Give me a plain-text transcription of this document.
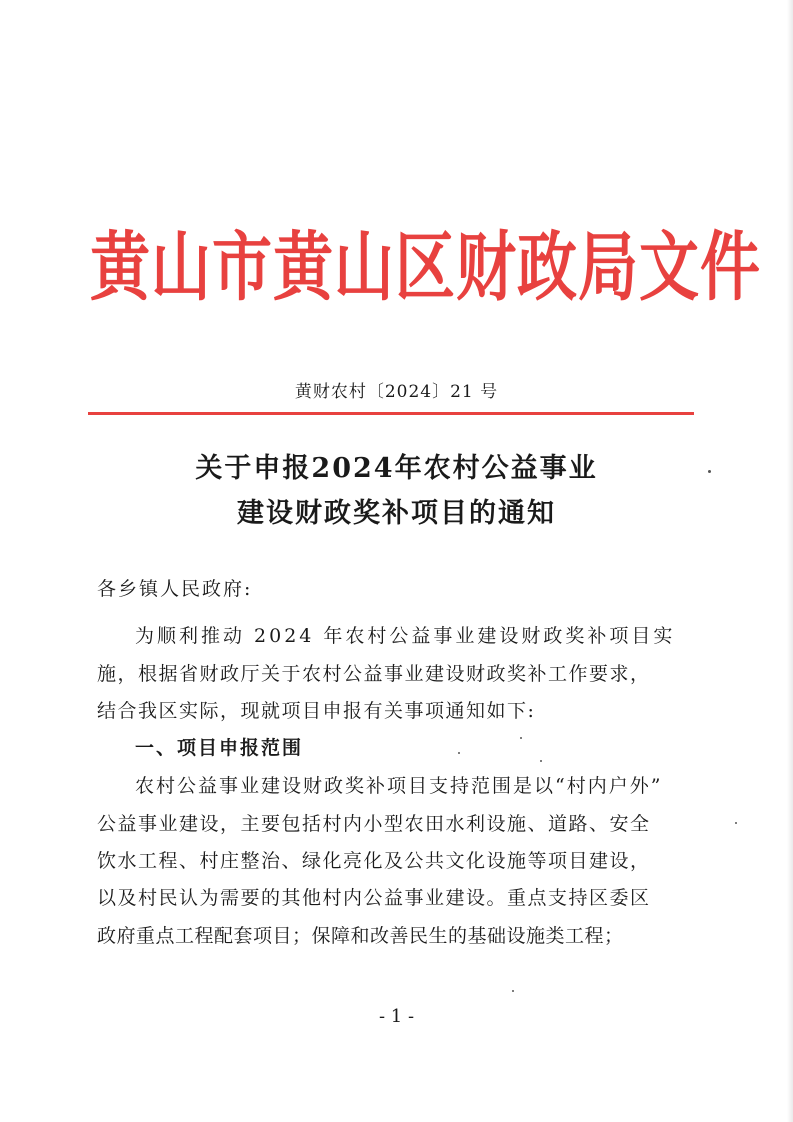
黄山市黄山区财政局文件
黄财农村〔2024〕21 号
关于申报2024年农村公益事业
建设财政奖补项目的通知
各乡镇人民政府:
为顺利推动 2024 年农村公益事业建设财政奖补项目实
施，根据省财政厅关于农村公益事业建设财政奖补工作要求，
结合我区实际，现就项目申报有关事项通知如下:
一、项目申报范围
农村公益事业建设财政奖补项目支持范围是以“村内户外”
公益事业建设，主要包括村内小型农田水利设施、道路、安全
饮水工程、村庄整治、绿化亮化及公共文化设施等项目建设，
以及村民认为需要的其他村内公益事业建设。重点支持区委区
政府重点工程配套项目；保障和改善民生的基础设施类工程；
- 1 -
